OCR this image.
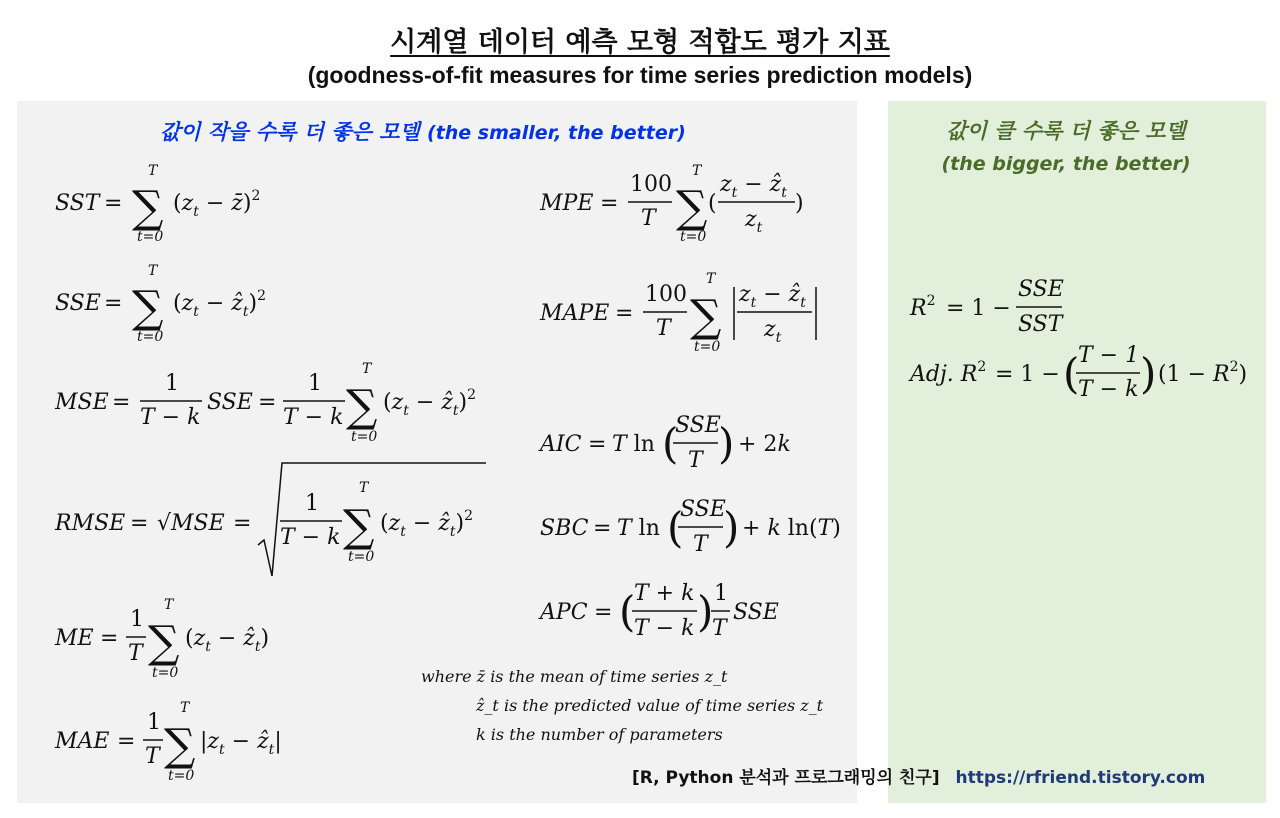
시계열 데이터 예측 모형 적합도 평가 지표
(goodness-of-fit measures for time series prediction models)
값이 작을 수록 더 좋은 모델 (the smaller, the better)	값이 클 수록 더 좋은 모델
(the bigger, the better)
SST =
T
∑
t=0
($z_t$ − z̄)$^2$
SSE =
T
∑
t=0
($z_t$ − ẑ$_t$)$^2$
MSE =
1
T − k
SSE =
1
T − k
T
∑
t=0
($z_t$ − ẑ$_t$)$^2$
RMSE = √MSE =
1
T − k
T
∑
t=0
($z_t$ − ẑ$_t$)$^2$
ME =
1
T
T
∑
t=0
($z_t$ − ẑ$_t$)
MAE =
1
T
T
∑
t=0
$|z_t$ − ẑ$_t$|
MPE =
100
T
T
∑
t=0
(
$z_t$ − ẑ$_t$
$z_t$
)
MAPE =
100
T
T
∑
t=0
$z_t$ − ẑ$_t$
$z_t$
AIC = T ln (
SSE
T ) + 2k
SBC = T ln (
SSE
T ) + k ln(T)
APC = (
T + k
T − k ) 1
T
SSE
$R^2 = 1$ −
SSE
SST
Adj. $R^2 = 1$ − (
T − 1
T − k ) $(1 - R^2)$
where z̄ is the mean of time series z_t
ẑ_t is the predicted value of time series z_t
k is the number of parameters
[R, Python 분석과 프로그래밍의 친구] https://rfriend.tistory.com
